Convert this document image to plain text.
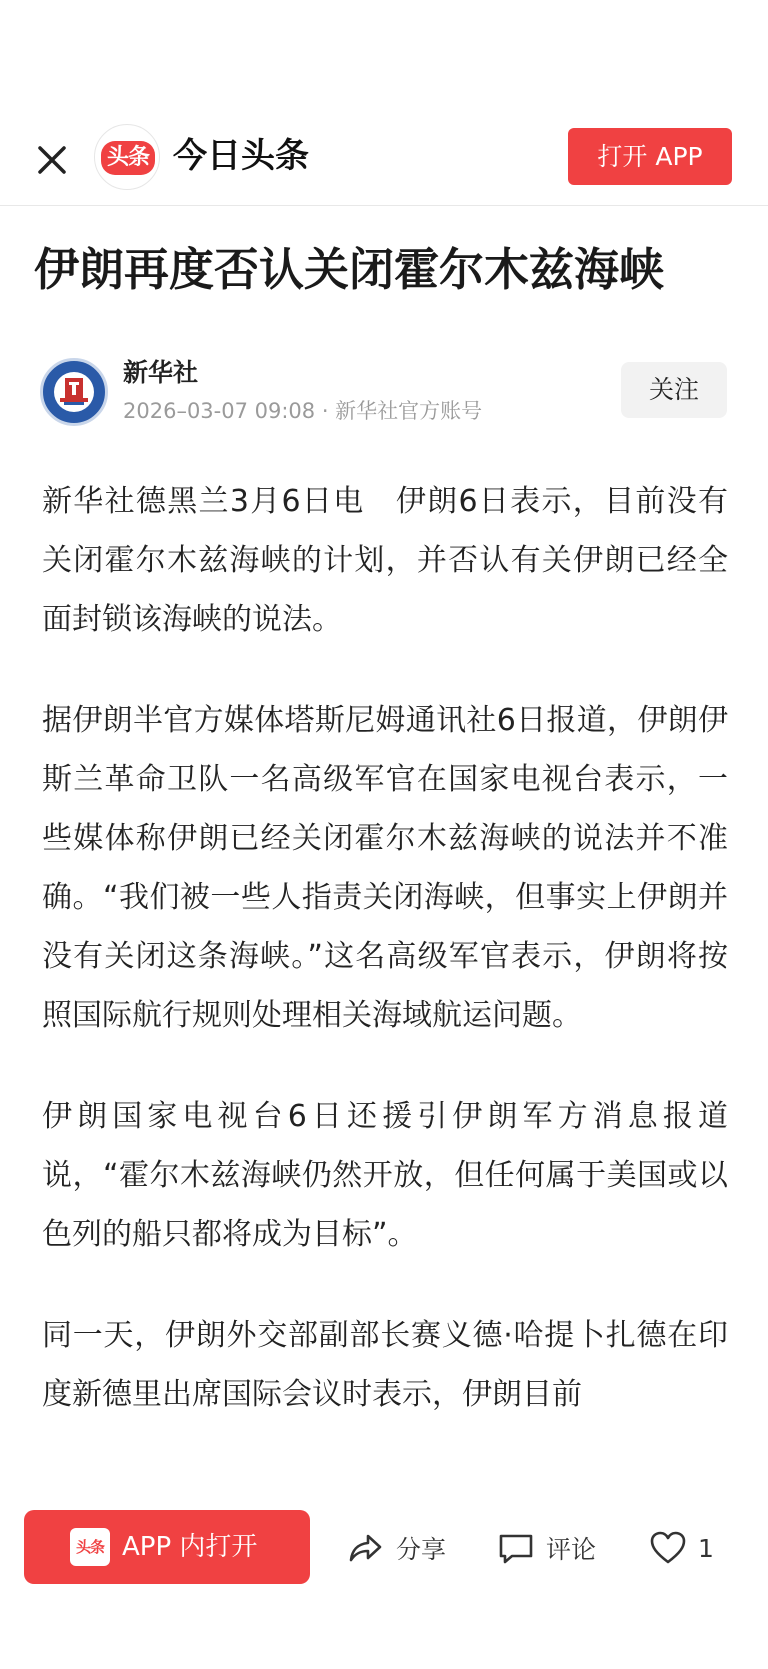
头条 今日头条	打开 APP
伊朗再度否认关闭霍尔木兹海峡
新华社
2026–03-07 09:08 · 新华社官方账号
关注

新华社德黑兰3月6日电　伊朗6日表示，目前没有关闭霍尔木兹海峡的计划，并否认有关伊朗已经全面封锁该海峡的说法。

据伊朗半官方媒体塔斯尼姆通讯社6日报道，伊朗伊斯兰革命卫队一名高级军官在国家电视台表示，一些媒体称伊朗已经关闭霍尔木兹海峡的说法并不准确。“我们被一些人指责关闭海峡，但事实上伊朗并没有关闭这条海峡。”这名高级军官表示，伊朗将按照国际航行规则处理相关海域航运问题。

伊朗国家电视台6日还援引伊朗军方消息报道说，“霍尔木兹海峡仍然开放，但任何属于美国或以色列的船只都将成为目标”。

同一天，伊朗外交部副部长赛义德·哈提卜扎德在印度新德里出席国际会议时表示，伊朗目前

头条 APP 内打开	分享	评论	1
